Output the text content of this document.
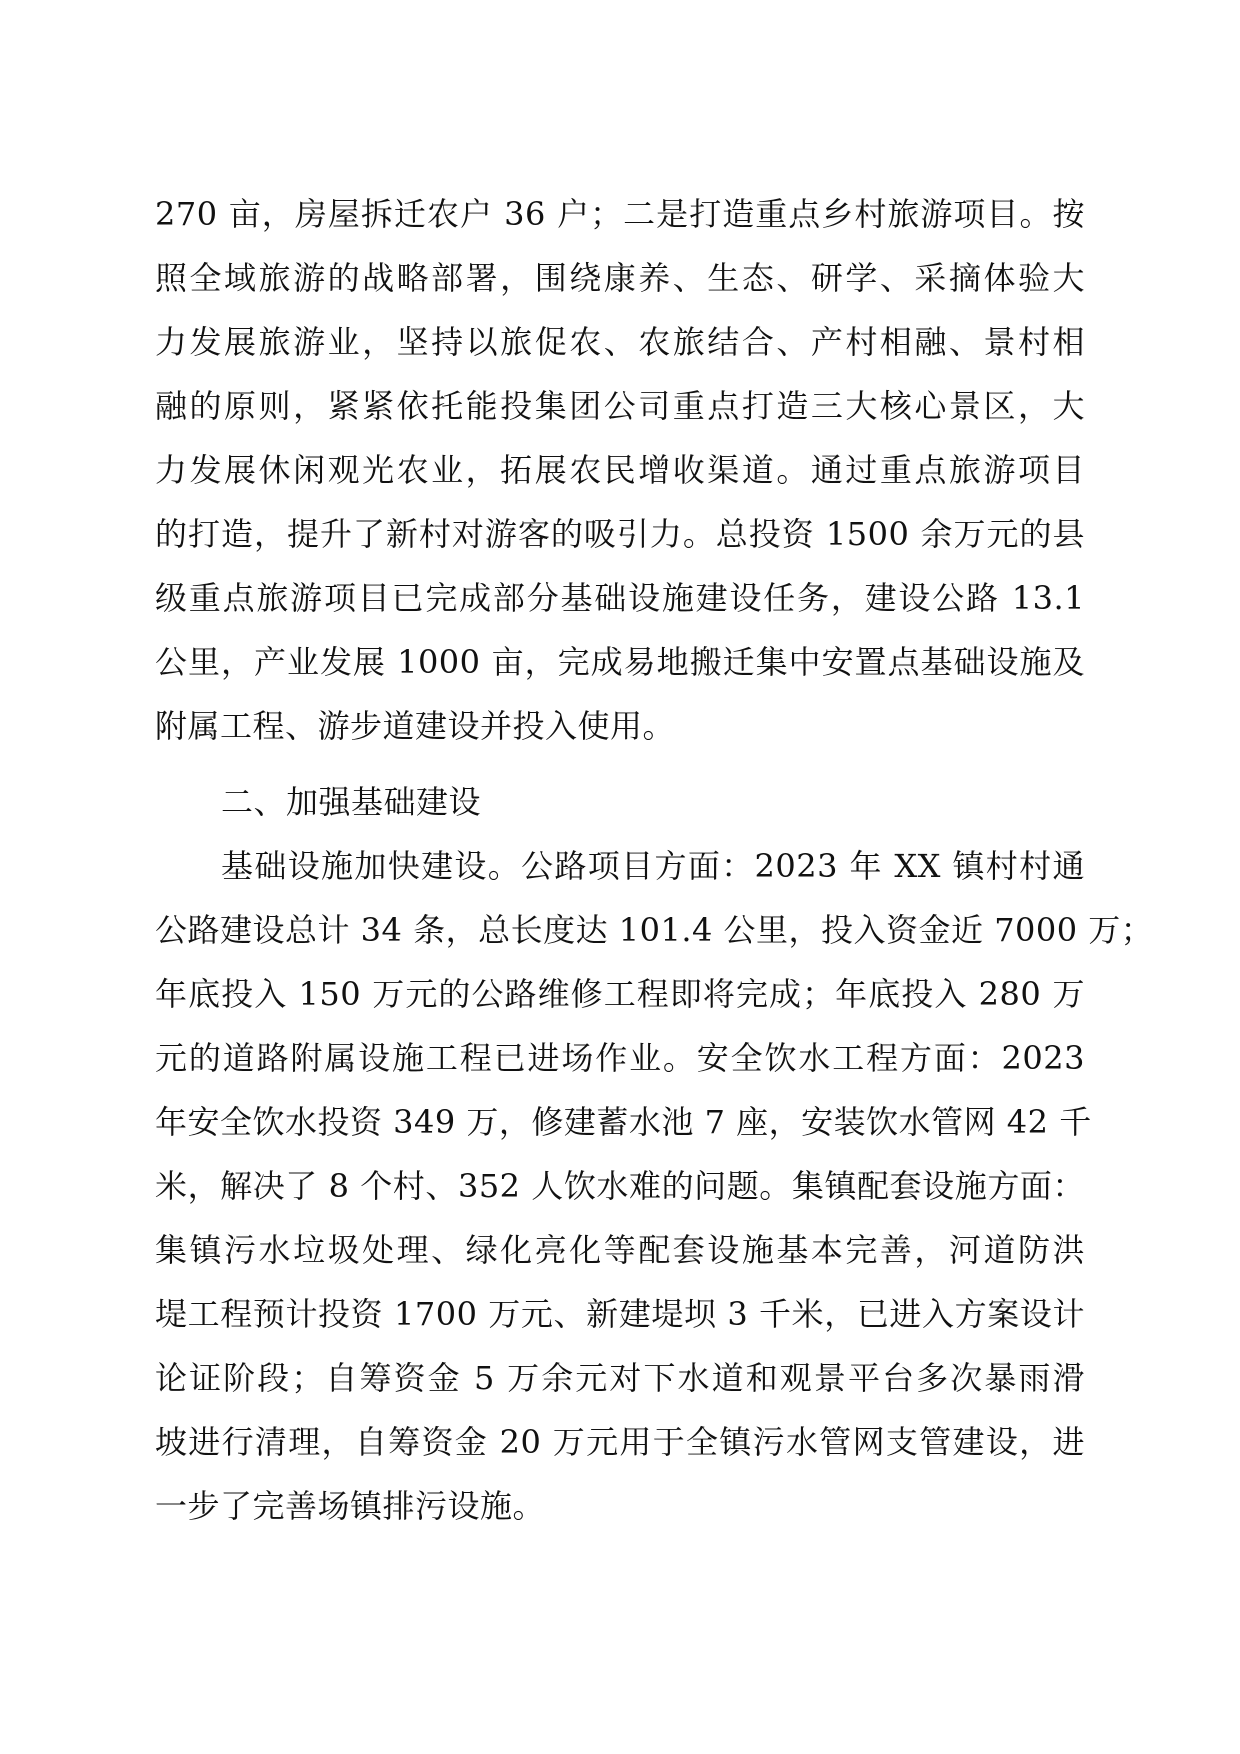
270 亩，房屋拆迁农户 36 户；二是打造重点乡村旅游项目。按
照全域旅游的战略部署，围绕康养、生态、研学、采摘体验大
力发展旅游业，坚持以旅促农、农旅结合、产村相融、景村相
融的原则，紧紧依托能投集团公司重点打造三大核心景区，大
力发展休闲观光农业，拓展农民增收渠道。通过重点旅游项目
的打造，提升了新村对游客的吸引力。总投资 1500 余万元的县
级重点旅游项目已完成部分基础设施建设任务，建设公路 13.1
公里，产业发展 1000 亩，完成易地搬迁集中安置点基础设施及
附属工程、游步道建设并投入使用。
二、加强基础建设
基础设施加快建设。公路项目方面：2023 年 XX 镇村村通
公路建设总计 34 条，总长度达 101.4 公里，投入资金近 7000 万；
年底投入 150 万元的公路维修工程即将完成；年底投入 280 万
元的道路附属设施工程已进场作业。安全饮水工程方面：2023
年安全饮水投资 349 万，修建蓄水池 7 座，安装饮水管网 42 千
米，解决了 8 个村、352 人饮水难的问题。集镇配套设施方面：
集镇污水垃圾处理、绿化亮化等配套设施基本完善，河道防洪
堤工程预计投资 1700 万元、新建堤坝 3 千米，已进入方案设计
论证阶段；自筹资金 5 万余元对下水道和观景平台多次暴雨滑
坡进行清理，自筹资金 20 万元用于全镇污水管网支管建设，进
一步了完善场镇排污设施。
